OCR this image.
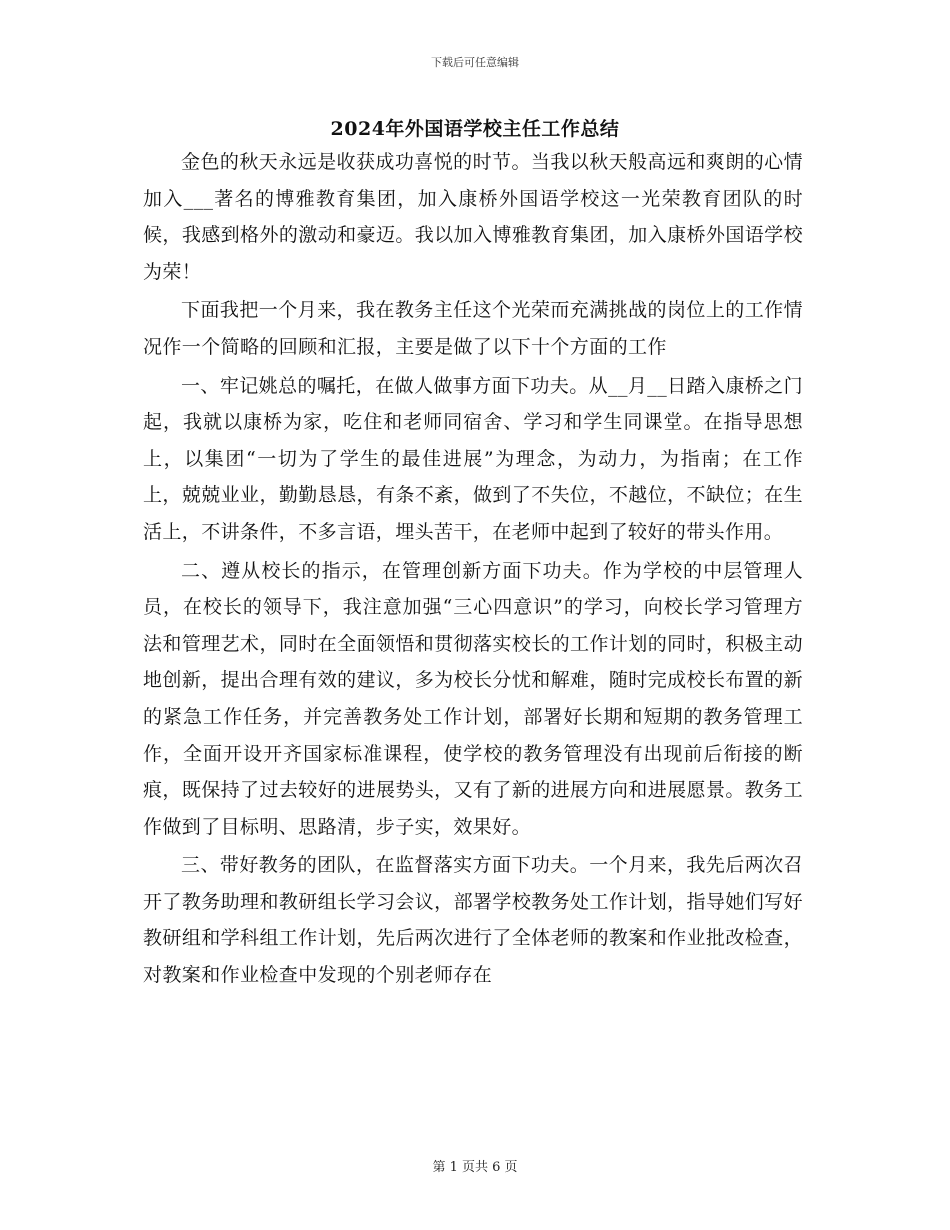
下载后可任意编辑
2024年外国语学校主任工作总结

金色的秋天永远是收获成功喜悦的时节。当我以秋天般高远和爽朗的心情加入___著名的博雅教育集团，加入康桥外国语学校这一光荣教育团队的时候，我感到格外的激动和豪迈。我以加入博雅教育集团，加入康桥外国语学校为荣！

下面我把一个月来，我在教务主任这个光荣而充满挑战的岗位上的工作情况作一个简略的回顾和汇报，主要是做了以下十个方面的工作

一、牢记姚总的嘱托，在做人做事方面下功夫。从__月__日踏入康桥之门起，我就以康桥为家，吃住和老师同宿舍、学习和学生同课堂。在指导思想上，以集团“一切为了学生的最佳进展”为理念，为动力，为指南；在工作上，兢兢业业，勤勤恳恳，有条不紊，做到了不失位，不越位，不缺位；在生活上，不讲条件，不多言语，埋头苦干，在老师中起到了较好的带头作用。

二、遵从校长的指示，在管理创新方面下功夫。作为学校的中层管理人员，在校长的领导下，我注意加强“三心四意识”的学习，向校长学习管理方法和管理艺术，同时在全面领悟和贯彻落实校长的工作计划的同时，积极主动地创新，提出合理有效的建议，多为校长分忧和解难，随时完成校长布置的新的紧急工作任务，并完善教务处工作计划，部署好长期和短期的教务管理工作，全面开设开齐国家标准课程，使学校的教务管理没有出现前后衔接的断痕，既保持了过去较好的进展势头，又有了新的进展方向和进展愿景。教务工作做到了目标明、思路清，步子实，效果好。

三、带好教务的团队，在监督落实方面下功夫。一个月来，我先后两次召开了教务助理和教研组长学习会议，部署学校教务处工作计划，指导她们写好教研组和学科组工作计划，先后两次进行了全体老师的教案和作业批改检查，对教案和作业检查中发现的个别老师存在

第 1 页共 6 页
